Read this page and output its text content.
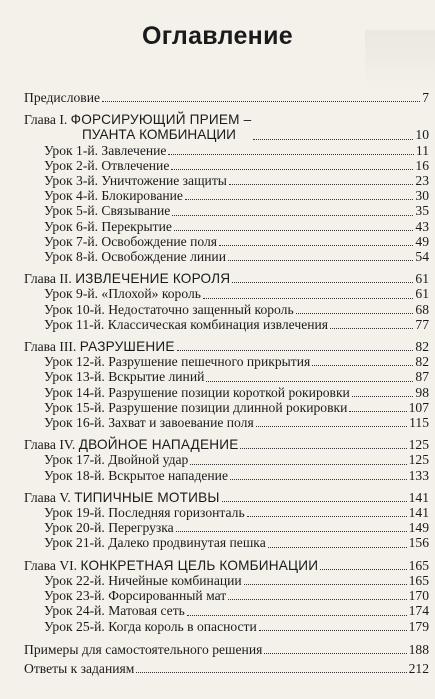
Оглавление
Предисловие	7
Глава I. ФОРСИРУЮЩИЙ ПРИЕМ –
ПУАНТА КОМБИНАЦИИ	10
Урок 1-й. Завлечение	11
Урок 2-й. Отвлечение	16
Урок 3-й. Уничтожение защиты	23
Урок 4-й. Блокирование	30
Урок 5-й. Связывание	35
Урок 6-й. Перекрытие	43
Урок 7-й. Освобождение поля	49
Урок 8-й. Освобождение линии	54
Глава II. ИЗВЛЕЧЕНИЕ КОРОЛЯ	61
Урок 9-й. «Плохой» король	61
Урок 10-й. Недостаточно защенный король	68
Урок 11-й. Классическая комбинация извлечения	77
Глава III. РАЗРУШЕНИЕ	82
Урок 12-й. Разрушение пешечного прикрытия	82
Урок 13-й. Вскрытие линий	87
Урок 14-й. Разрушение позиции короткой рокировки	98
Урок 15-й. Разрушение позиции длинной рокировки	107
Урок 16-й. Захват и завоевание поля	115
Глава IV. ДВОЙНОЕ НАПАДЕНИЕ	125
Урок 17-й. Двойной удар	125
Урок 18-й. Вскрытое нападение	133
Глава V. ТИПИЧНЫЕ МОТИВЫ	141
Урок 19-й. Последняя горизонталь	141
Урок 20-й. Перегрузка	149
Урок 21-й. Далеко продвинутая пешка	156
Глава VI. КОНКРЕТНАЯ ЦЕЛЬ КОМБИНАЦИИ	165
Урок 22-й. Ничейные комбинации	165
Урок 23-й. Форсированный мат	170
Урок 24-й. Матовая сеть	174
Урок 25-й. Когда король в опасности	179
Примеры для самостоятельного решения	188
Ответы к заданиям	212
